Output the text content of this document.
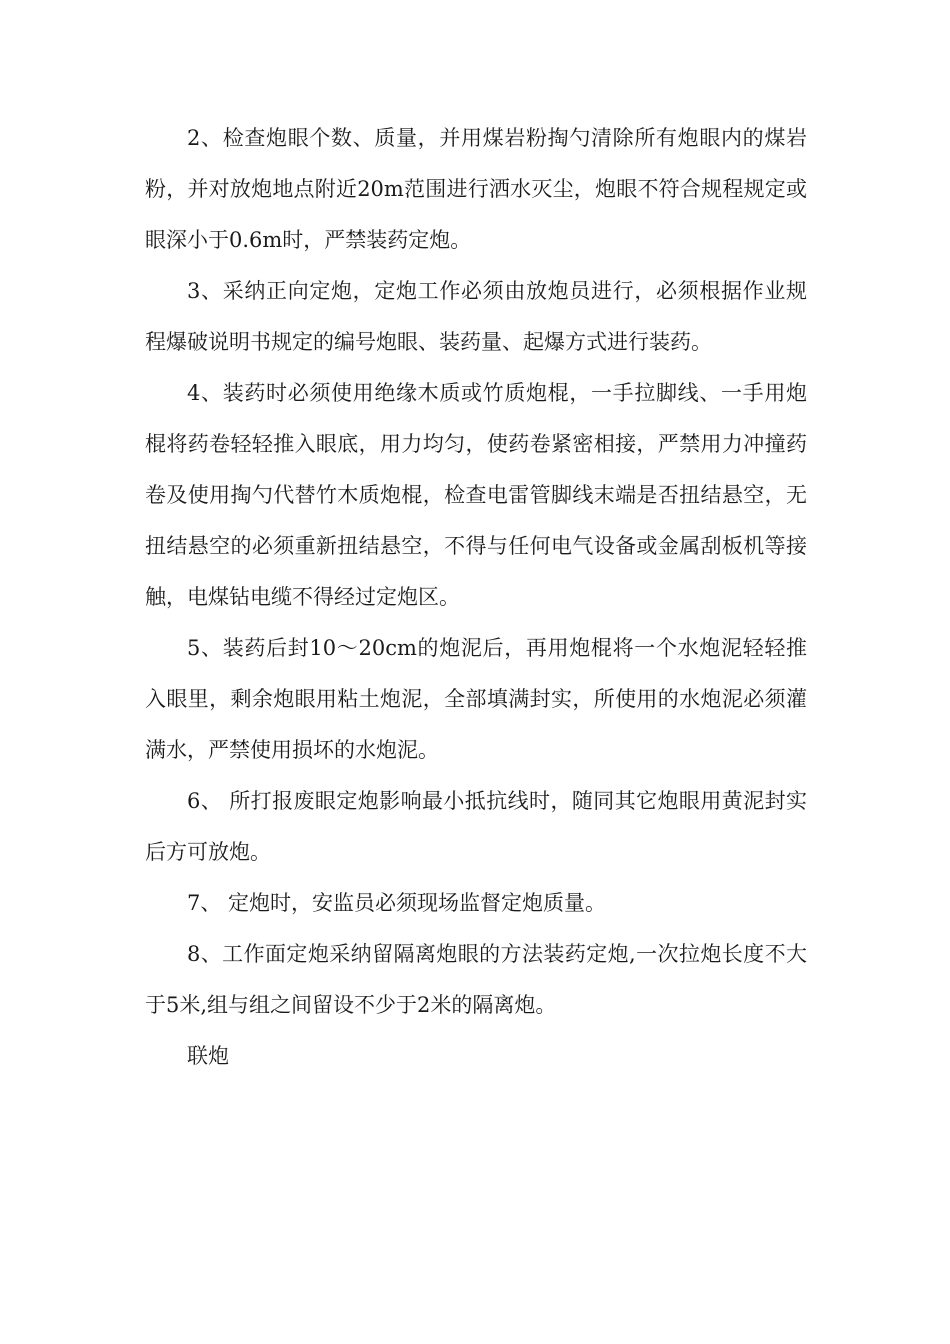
2、检查炮眼个数、质量，并用煤岩粉掏勺清除所有炮眼内的煤岩粉，并对放炮地点附近20m范围进行洒水灭尘，炮眼不符合规程规定或眼深小于0.6m时，严禁装药定炮。

3、采纳正向定炮，定炮工作必须由放炮员进行，必须根据作业规程爆破说明书规定的编号炮眼、装药量、起爆方式进行装药。

4、装药时必须使用绝缘木质或竹质炮棍，一手拉脚线、一手用炮棍将药卷轻轻推入眼底，用力均匀，使药卷紧密相接，严禁用力冲撞药卷及使用掏勺代替竹木质炮棍，检查电雷管脚线末端是否扭结悬空，无扭结悬空的必须重新扭结悬空，不得与任何电气设备或金属刮板机等接触，电煤钻电缆不得经过定炮区。

5、装药后封10～20cm的炮泥后，再用炮棍将一个水炮泥轻轻推入眼里，剩余炮眼用粘土炮泥，全部填满封实，所使用的水炮泥必须灌满水，严禁使用损坏的水炮泥。

6、 所打报废眼定炮影响最小抵抗线时，随同其它炮眼用黄泥封实后方可放炮。

7、 定炮时，安监员必须现场监督定炮质量。

8、工作面定炮采纳留隔离炮眼的方法装药定炮,一次拉炮长度不大于5米,组与组之间留设不少于2米的隔离炮。

联炮
